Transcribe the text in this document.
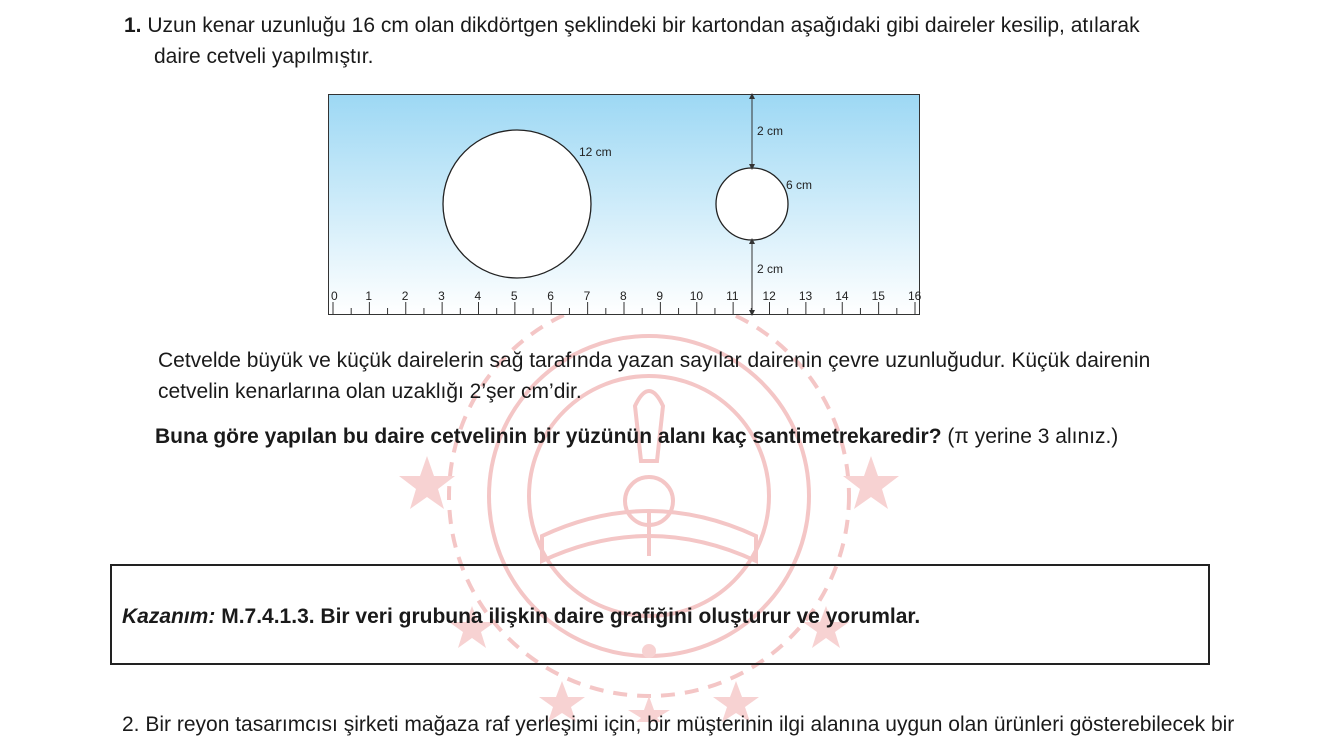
1. Uzun kenar uzunluğu 16 cm olan dikdörtgen şeklindeki bir kartondan aşağıdaki gibi daireler kesilip, atılarak
daire cetveli yapılmıştır.
12 cm
6 cm
2 cm
2 cm
0 1 2 3 4 5 6 7 8 9 10 11 12 13 14 15 16
Cetvelde büyük ve küçük dairelerin sağ tarafında yazan sayılar dairenin çevre uzunluğudur. Küçük dairenin
cetvelin kenarlarına olan uzaklığı 2’şer cm’dir.
Buna göre yapılan bu daire cetvelinin bir yüzünün alanı kaç santimetrekaredir? (π yerine 3 alınız.)
Kazanım: M.7.4.1.3. Bir veri grubuna ilişkin daire grafiğini oluşturur ve yorumlar.
2. Bir reyon tasarımcısı şirketi mağaza raf yerleşimi için, bir müşterinin ilgi alanına uygun olan ürünleri gösterebilecek bir
